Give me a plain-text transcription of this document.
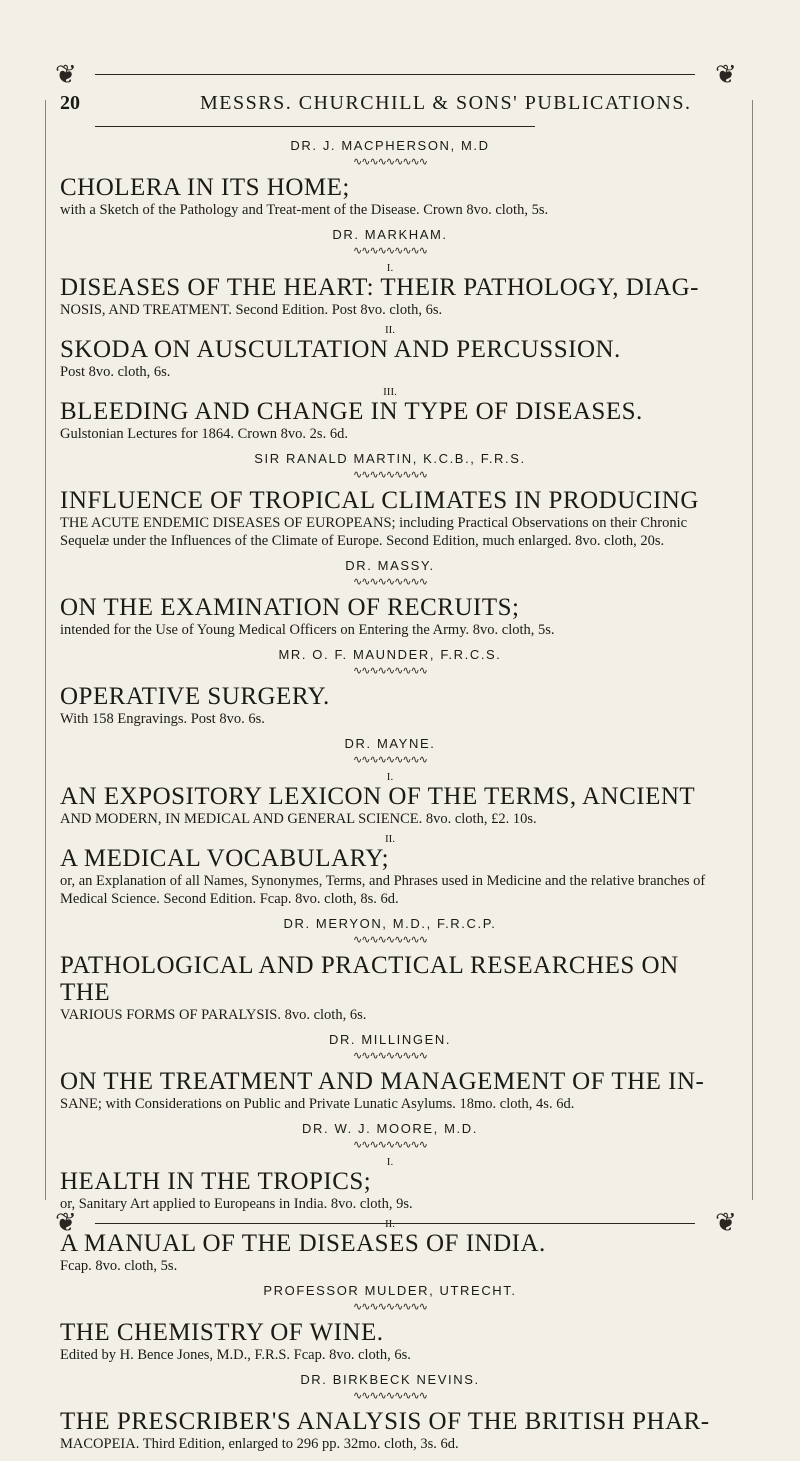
❦	❦
20	MESSRS. CHURCHILL & SONS' PUBLICATIONS.

DR. J. MACPHERSON, M.D

∿∿∿∿∿∿∿∿∿

CHOLERA IN ITS HOME;

with a Sketch of the Pathology and Treat-ment of the Disease. Crown 8vo. cloth, 5s.

DR. MARKHAM.

∿∿∿∿∿∿∿∿∿

I.

DISEASES OF THE HEART: THEIR PATHOLOGY, DIAG-

NOSIS, AND TREATMENT. Second Edition. Post 8vo. cloth, 6s.

II.

SKODA ON AUSCULTATION AND PERCUSSION.

Post 8vo. cloth, 6s.

III.

BLEEDING AND CHANGE IN TYPE OF DISEASES.

Gulstonian Lectures for 1864. Crown 8vo. 2s. 6d.

SIR RANALD MARTIN, K.C.B., F.R.S.

∿∿∿∿∿∿∿∿∿

INFLUENCE OF TROPICAL CLIMATES IN PRODUCING

THE ACUTE ENDEMIC DISEASES OF EUROPEANS; including Practical Observations on their Chronic Sequelæ under the Influences of the Climate of Europe. Second Edition, much enlarged. 8vo. cloth, 20s.

DR. MASSY.

∿∿∿∿∿∿∿∿∿

ON THE EXAMINATION OF RECRUITS;

intended for the Use of Young Medical Officers on Entering the Army. 8vo. cloth, 5s.

MR. O. F. MAUNDER, F.R.C.S.

∿∿∿∿∿∿∿∿∿

OPERATIVE SURGERY.

With 158 Engravings. Post 8vo. 6s.

DR. MAYNE.

∿∿∿∿∿∿∿∿∿

I.

AN EXPOSITORY LEXICON OF THE TERMS, ANCIENT

AND MODERN, IN MEDICAL AND GENERAL SCIENCE. 8vo. cloth, £2. 10s.

II.

A MEDICAL VOCABULARY;

or, an Explanation of all Names, Synonymes, Terms, and Phrases used in Medicine and the relative branches of Medical Science. Second Edition. Fcap. 8vo. cloth, 8s. 6d.

DR. MERYON, M.D., F.R.C.P.

∿∿∿∿∿∿∿∿∿

PATHOLOGICAL AND PRACTICAL RESEARCHES ON THE

VARIOUS FORMS OF PARALYSIS. 8vo. cloth, 6s.

DR. MILLINGEN.

∿∿∿∿∿∿∿∿∿

ON THE TREATMENT AND MANAGEMENT OF THE IN-

SANE; with Considerations on Public and Private Lunatic Asylums. 18mo. cloth, 4s. 6d.

DR. W. J. MOORE, M.D.

∿∿∿∿∿∿∿∿∿

I.

HEALTH IN THE TROPICS;

or, Sanitary Art applied to Europeans in India. 8vo. cloth, 9s.

II.

A MANUAL OF THE DISEASES OF INDIA.

Fcap. 8vo. cloth, 5s.

PROFESSOR MULDER, UTRECHT.

∿∿∿∿∿∿∿∿∿

THE CHEMISTRY OF WINE.

Edited by H. Bence Jones, M.D., F.R.S. Fcap. 8vo. cloth, 6s.

DR. BIRKBECK NEVINS.

∿∿∿∿∿∿∿∿∿

THE PRESCRIBER'S ANALYSIS OF THE BRITISH PHAR-

MACOPEIA. Third Edition, enlarged to 296 pp. 32mo. cloth, 3s. 6d.

❦	❦
